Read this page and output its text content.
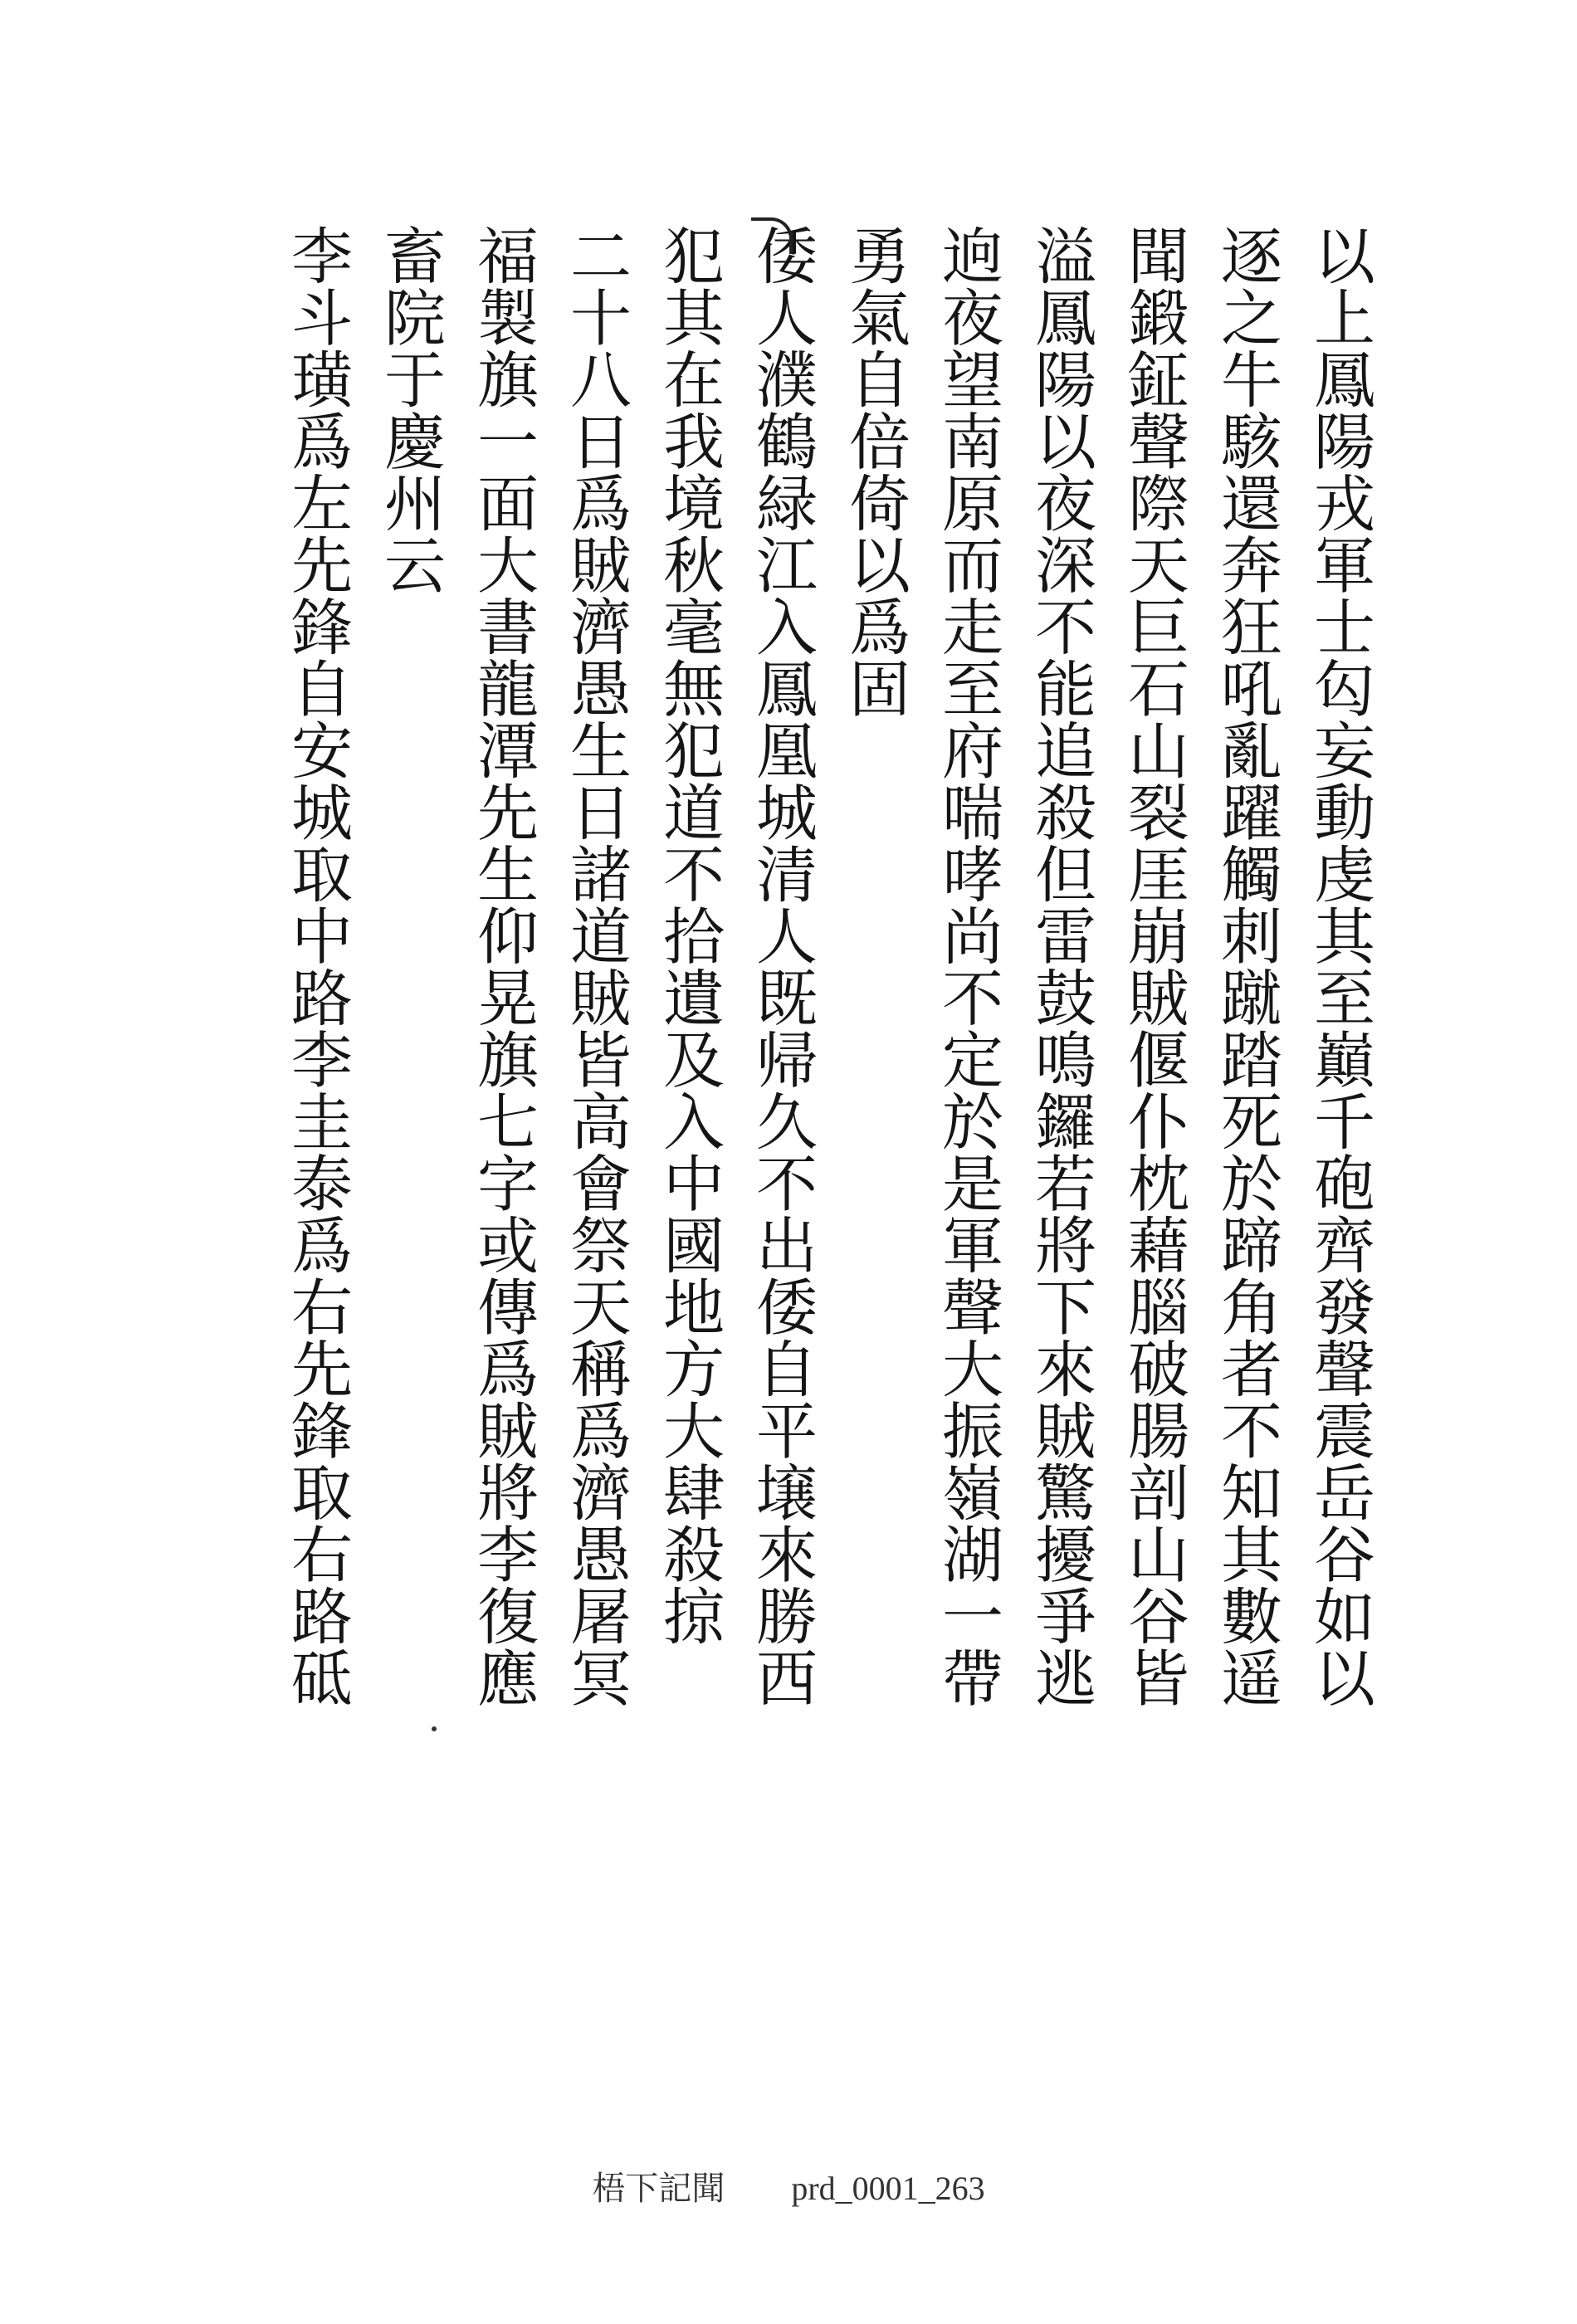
以上鳳陽戎軍士匃妄動虔其至巔千砲齊發聲震岳谷如以
逐之牛駭還奔狂吼亂躍觸刺蹴踏死於蹄角者不知其數遥
聞鍛鉦聲際天巨石山裂厓崩賊偃仆枕藉腦破腸剖山谷皆
溢鳳陽以夜深不能追殺但雷鼓鳴鑼若將下來賊驚擾爭逃
逈夜望南原而走至府喘哮尚不定於是軍聲大振嶺湖一帶
勇氣自倍倚以爲固
倭人濮鶴緑江入鳳凰城清人既帰久不出倭自平壌來勝西
犯其在我境秋毫無犯道不拾遺及入中國地方大肆殺掠
二十八日爲賊濟愚生日諸道賊皆高會祭天稱爲濟愚屠冥
福製旗一面大書龍潭先生仰晃旗七字或傳爲賊將李復應
畜院于慶州云
李斗璜爲左先鋒自安城取中路李圭泰爲右先鋒取右路砥
梧下記聞 prd_0001_263
